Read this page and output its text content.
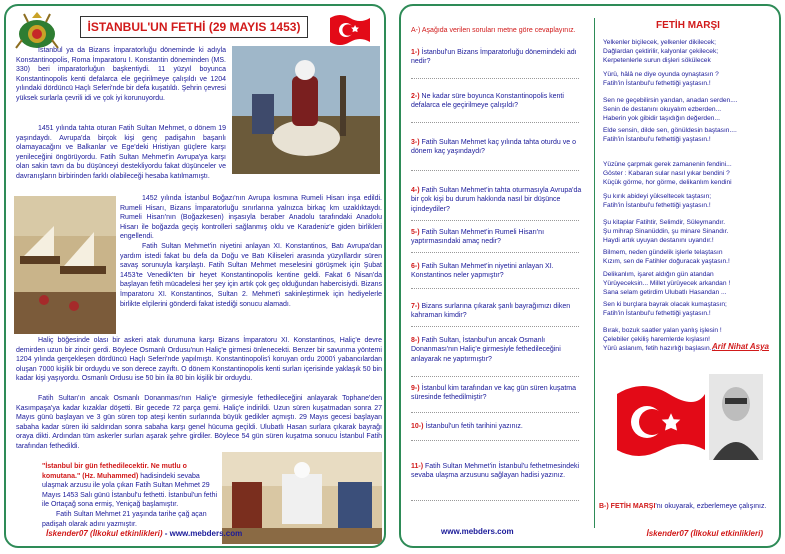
İSTANBUL'UN FETHİ (29 MAYIS 1453)

İstanbul ya da Bizans İmparatorluğu döneminde ki adıyla Konstantinopolis, Roma İmparatoru I. Konstantin döneminden (MS. 330) beri imparatorluğun başkentiydi. 11 yüzyıl boyunca Konstantinopolis kenti defalarca ele geçirilmeye çalışıldı ve 1204 yılındaki dördüncü Haçlı Seferi'nde bir defa kuşatıldı. Şehrin çevresi yüksek surlarla çevrili idi ve çok iyi korunuyordu.

1451 yılında tahta oturan Fatih Sultan Mehmet, o dönem 19 yaşındaydı. Avrupa'da birçok kişi genç padişahın başarılı olamayacağını ve Balkanlar ve Ege'deki Hristiyan güçlere karşı yenileceğini öngörüyordu. Fatih Sultan Mehmet'in Avrupa'ya karşı olan sakin tavrı da bu düşünceyi destekliyordu fakat düşünceler ve davranışların birbirinden farklı olabileceği hesaba katılmamıştı.

1452 yılında İstanbul Boğazı'nın Avrupa kısmına Rumeli Hisarı inşa edildi. Rumeli Hisarı, Bizans İmparatorluğu sınırlarına yalnızca birkaç km uzaklıktaydı. Rumeli Hisarı'nın (Boğazkesen) inşasıyla beraber Anadolu tarafındaki Anadolu Hisarı ile boğazda geçiş kontrolleri sağlanmış oldu ve Karadeniz'e giden birlikleri engellendi.

Fatih Sultan Mehmet'in niyetini anlayan XI. Konstantinos, Batı Avrupa'dan yardım istedi fakat bu defa da Doğu ve Batı Kiliseleri arasında yüzyıllardır süren savaş sorunuyla karşılaştı. Fatih Sultan Mehmet meselesini görüşmek için Şubat 1453'te Venedik'ten bir heyet Konstantinopolis kentine geldi. Fakat 6 Nisan'da başlayan fetih mücadelesi her şey için artık çok geç olduğundan habercisiydi. Bizans İmparatoru XI. Konstantinos, Sultan 2. Mehmet'i sakinleştirmek için hediyelerle birlikte elçilerini gönderdi fakat istediği sonucu alamadı.

Haliç böğesinde olası bir askeri atak durumuna karşı Bizans İmparatoru XI. Konstantinos, Haliç'e devre demirden uzun bir zincir gerdi. Böylece Osmanlı Ordusu'nun Haliç'e girmesi önlenecekti. Benzer bir savunma yöntemi 1204 yılında gerçekleşen dördüncü Haçlı Seferi'nde yapılmıştı. Konstantinopolis'i koruyan ordu 2000'i yabancılardan oluşan 7000 kişilik bir orduydu ve son derece zayıftı. O dönem Konstantinopolis kenti surları içerisinde yaklaşık 50 bin kadar kişi yaşıyordu. Osmanlı Ordusu ise 50 bin ila 80 bin kişilik bir orduydu.

Fatih Sultan'ın ancak Osmanlı Donanması'nın Haliç'e girmesiyle fethedileceğini anlayarak Tophane'den Kasımpaşa'ya kadar kızaklar döşetti. Bir gecede 72 parça gemi. Haliç'e indirildi. Uzun süren kuşatmadan sonra 27 Mayıs günü başlayan ve 3 gün süren top ateşi kentin surlarında büyük gedikler açmıştı. 29 Mayıs gecesi başlayan sabaha kadar süren iki saldırıdan sonra sabaha karşı genel hücuma geçildi. Ulubatlı Hasan surlara çıkarak bayrağı oraya dikti. Ardından tüm askerler surları aşarak şehre girdiler. Böylece 54 gün süren kuşatma sonucu İstanbul Fatih tarafından fethedildi.

"İstanbul bir gün fethedilecektir. Ne mutlu o komutana." (Hz. Muhammed) hadisindeki sevaba ulaşmak arzusu ile yola çıkan Fatih Sultan Mehmet 29 Mayıs 1453 Salı günü İstanbul'u fethetti. İstanbul'un fethi ile Ortaçağ sona ermiş, Yeniçağ başlamıştır.
Fatih Sultan Mehmet 21 yaşında tarihe çağ açan padişah olarak adını yazmıştır.
İskender07 (İlkokul etkinlikleri) - www.mebders.com
A-) Aşağıda verilen soruları metne göre cevaplayınız.
1-) İstanbul'un Bizans İmparatorluğu dönemindeki adı nedir?
2-) Ne kadar süre boyunca Konstantinopolis kenti defalarca ele geçirilmeye çalışıldı?
3-) Fatih Sultan Mehmet kaç yılında tahta oturdu ve o dönem kaç yaşındaydı?
4-) Fatih Sultan Mehmet'in tahta oturmasıyla Avrupa'da bir çok kişi bu durum hakkında nasıl bir düşünce içindeydiler?
5-) Fatih Sultan Mehmet'in Rumeli Hisarı'nı yaptırmasındaki amaç nedir?
6-) Fatih Sultan Mehmet'in niyetini anlayan XI. Konstantinos neler yapmıştır?
7-) Bizans surlarına çıkarak şanlı bayrağımızı diken kahraman kimdir?
8-) Fatih Sultan, İstanbul'un ancak Osmanlı Donanması'nın Haliç'e girmesiyle fethedileceğini anlayarak ne yaptırmıştır?
9-) İstanbul kim tarafından ve kaç gün süren kuşatma süresinde fethedilmiştir?
10-) İstanbul'un fetih tarihini yazınız.
11-) Fatih Sultan Mehmet'in İstanbul'u fethetmesindeki sevaba ulaşma arzusunu sağlayan hadisi yazınız.
www.mebders.com
FETİH MARŞI
Yelkenler biçilecek, yelkenler dikilecek;
Dağlardan çektirilir, kalyonlar çekilecek;
Kerpetenlerle surun dişleri sökülecek
Yürü, hâlâ ne diye oyunda oynaştasın ?
Fatih'in İstanbul'u fethettiği yaştasın.!
Sen ne geçebilirsin yarıdan, anadan serden....
Senin de destanını okuyalım ezberden...
Haberin yok gibidir taşıdığın değerden...
Elde sensin, dilde sen, gönüldesin baştasın....
Fatih'in İstanbul'u fethettiği yaştasın.!
Yüzüne çarpmak gerek zamanenin fendini...
Göster : Kabaran sular nasıl yıkar bendini ?
Küçük görme, hor görme, delikanlım kendini
Şu kırık abideyi yükseltecek taştasın;
Fatih'in İstanbul'u fethettiği yaştasın.!
Şu kitaplar Fatihtir, Selimdir, Süleymandır.
Şu mihrap Sinanüddin, şu minare Sinandır.
Haydi artık uyuyan destanını uyandır.!
Bilmem, neden gündelik işlerle telaştasın
Kızım, sen de Fatihler doğuracak yaştasın.!
Delikanlım, işaret aldığın gün atandan
Yürüyeceksin... Millet yürüyecek arkandan !
Sana selam getirdim Ulubatlı Hasandan ...
Sen ki burçlara bayrak olacak kumaştasın;
Fatih'in İstanbul'u fethettiği yaştasın.!
Bırak, bozuk saatler yalan yanlış işlesin !
Çelebiler çekiliş haremlerde kışlasın!
Yürü aslanım, fetih hazırlığı başlasın...
Arif Nihat Asya
B-) FETİH MARŞI'nı okuyarak, ezberlemeye çalışınız.
İskender07 (İlkokul etkinlikleri)
